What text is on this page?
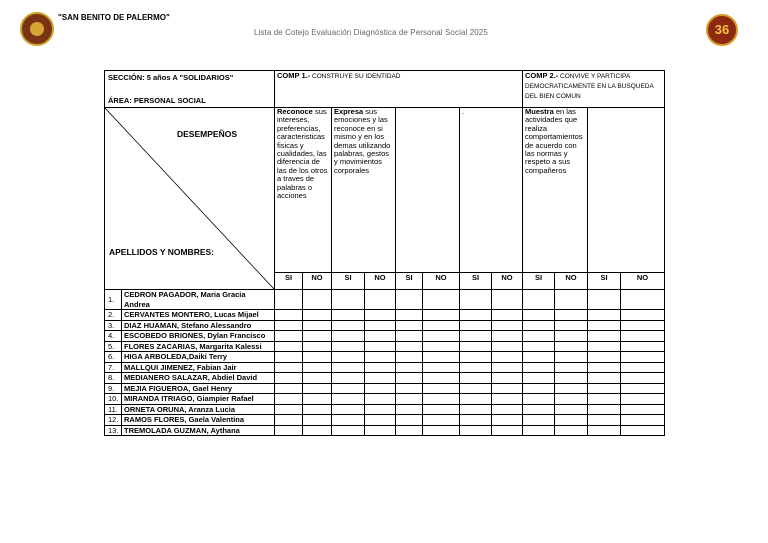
"SAN BENITO DE PALERMO"
Lista de Cotejo Evaluación Diagnóstica de Personal Social 2025	36
SECCIÓN: 5 años A "SOLIDARIOS"
ÁREA: PERSONAL SOCIAL		COMP 1.- CONSTRUYE SU IDENTIDAD								COMP 2.- CONVIVE Y PARTICIPA DEMOCRATICAMENTE EN LA BUSQUEDA DEL BIEN COMUN			

DESEMPEÑOS
APELLIDOS Y NOMBRES:		Reconoce sus intereses, preferencias, caracteristicas fisicas y cualidades, las diferencia de las de los otros a traves de palabras o acciones		Expresa sus emociones y las reconoce en si mismo y en los demas utilizando palabras, gestos y movimientos corporales				.		Muestra en las actividades que realiza comportamientos de acuerdo con las normas y respeto a sus compañeros			
		SI	NO	SI	NO	SI	NO	SI	NO	SI	NO	SI	NO
1.	CEDRON PAGADOR, Maria Gracia Andrea												
2.	CERVANTES MONTERO, Lucas Mijael												
3.	DIAZ HUAMAN, Stefano Alessandro												
4.	ESCOBEDO BRIONES, Dylan Francisco												
5.	FLORES ZACARIAS, Margarita Kalessi												
6.	HIGA ARBOLEDA,Daiki Terry												
7.	MALLQUI JIMENEZ, Fabian Jair												
8.	MEDIANERO SALAZAR, Abdiel David												
9.	MEJIA FIGUEROA, Gael Henry												
10.	MIRANDA ITRIAGO, Giampier Rafael												
11.	ORNETA ORUNA, Aranza Lucìa												
12.	RAMOS FLORES, Gaela Valentina												
13.	TREMOLADA GUZMAN, Aythana												
